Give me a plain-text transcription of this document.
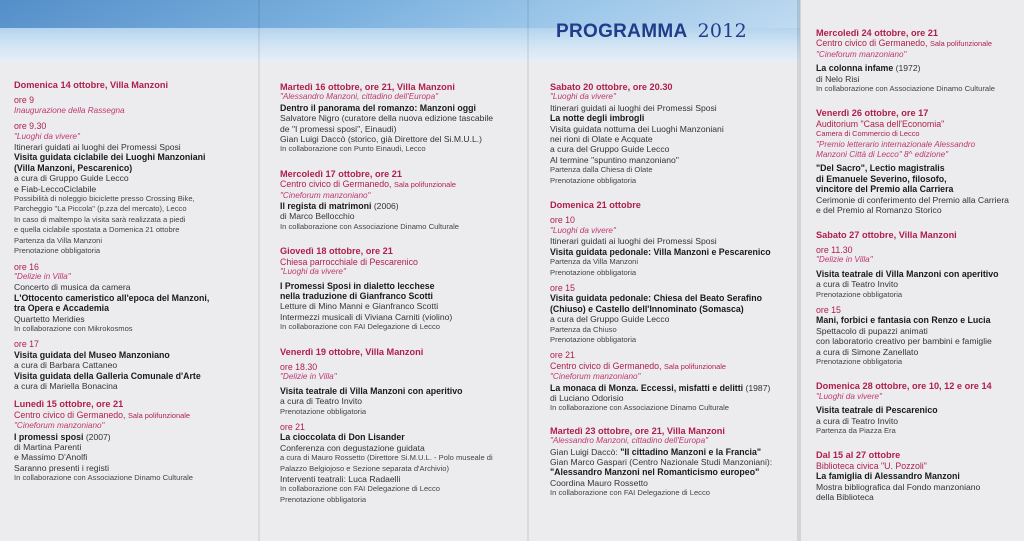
PROGRAMMA 2012
Domenica 14 ottobre, Villa Manzoni
ore 9
Inaugurazione della Rassegna
ore 9.30
"Luoghi da vivere"
Itinerari guidati ai luoghi dei Promessi Sposi
Visita guidata ciclabile dei Luoghi Manzoniani
(Villa Manzoni, Pescarenico)
a cura di Gruppo Guide Lecco
e Fiab-LeccoCiclabile
Possibilità di noleggio biciclette presso Crossing Bike,
Parcheggio "La Piccola" (p.zza del mercato), Lecco
In caso di maltempo la visita sarà realizzata a piedi
e quella ciclabile spostata a Domenica 21 ottobre
Partenza da Villa Manzoni
Prenotazione obbligatoria
ore 16
"Delizie in Villa"
Concerto di musica da camera
L'Ottocento cameristico all'epoca del Manzoni,
tra Opera e Accademia
Quartetto Meridies
In collaborazione con Mikrokosmos
ore 17
Visita guidata del Museo Manzoniano
a cura di Barbara Cattaneo
Visita guidata della Galleria Comunale d'Arte
a cura di Mariella Bonacina
Lunedì 15 ottobre, ore 21
Centro civico di Germanedo, Sala polifunzionale
"Cineforum manzoniano"
I promessi sposi (2007)
di Martina Parenti
e Massimo D'Anolfi
Saranno presenti i registi
In collaborazione con Associazione Dinamo Culturale
Martedì 16 ottobre, ore 21, Villa Manzoni
"Alessandro Manzoni, cittadino dell'Europa"
Dentro il panorama del romanzo: Manzoni oggi
Salvatore Nigro (curatore della nuova edizione tascabile
de "I promessi sposi", Einaudi)
Gian Luigi Daccò (storico, già Direttore del Si.M.U.L.)
In collaborazione con Punto Einaudi, Lecco
Mercoledì 17 ottobre, ore 21
Centro civico di Germanedo, Sala polifunzionale
"Cineforum manzoniano"
Il regista di matrimoni (2006)
di Marco Bellocchio
In collaborazione con Associazione Dinamo Culturale
Giovedì 18 ottobre, ore 21
Chiesa parrocchiale di Pescarenico
"Luoghi da vivere"
I Promessi Sposi in dialetto lecchese
nella traduzione di Gianfranco Scotti
Letture di Mino Manni e Gianfranco Scotti
Intermezzi musicali di Viviana Carniti (violino)
In collaborazione con FAI Delegazione di Lecco
Venerdì 19 ottobre, Villa Manzoni
ore 18.30
"Delizie in Villa"
Visita teatrale di Villa Manzoni con aperitivo
a cura di Teatro Invito
Prenotazione obbligatoria
ore 21
La cioccolata di Don Lisander
Conferenza con degustazione guidata
a cura di Mauro Rossetto (Direttore Si.M.U.L. - Polo museale di
Palazzo Belgiojoso e Sezione separata d'Archivio)
Interventi teatrali: Luca Radaelli
In collaborazione con FAI Delegazione di Lecco
Prenotazione obbligatoria
Sabato 20 ottobre, ore 20.30
"Luoghi da vivere"
Itinerari guidati ai luoghi dei Promessi Sposi
La notte degli imbrogli
Visita guidata notturna dei Luoghi Manzoniani
nei rioni di Olate e Acquate
a cura del Gruppo Guide Lecco
Al termine "spuntino manzoniano"
Partenza dalla Chiesa di Olate
Prenotazione obbligatoria
Domenica 21 ottobre
ore 10
"Luoghi da vivere"
Itinerari guidati ai luoghi dei Promessi Sposi
Visita guidata pedonale: Villa Manzoni e Pescarenico
Partenza da Villa Manzoni
Prenotazione obbligatoria
ore 15
Visita guidata pedonale: Chiesa del Beato Serafino
(Chiuso) e Castello dell'Innominato (Somasca)
a cura del Gruppo Guide Lecco
Partenza da Chiuso
Prenotazione obbligatoria
ore 21
Centro civico di Germanedo, Sala polifunzionale
"Cineforum manzoniano"
La monaca di Monza. Eccessi, misfatti e delitti (1987)
di Luciano Odorisio
In collaborazione con Associazione Dinamo Culturale
Martedì 23 ottobre, ore 21, Villa Manzoni
"Alessandro Manzoni, cittadino dell'Europa"
Gian Luigi Daccò: "Il cittadino Manzoni e la Francia"
Gian Marco Gaspari (Centro Nazionale Studi Manzoniani):
"Alessandro Manzoni nel Romanticismo europeo"
Coordina Mauro Rossetto
In collaborazione con FAI Delegazione di Lecco
Mercoledì 24 ottobre, ore 21
Centro civico di Germanedo, Sala polifunzionale
"Cineforum manzoniano"
La colonna infame (1972)
di Nelo Risi
In collaborazione con Associazione Dinamo Culturale
Venerdì 26 ottobre, ore 17
Auditorium "Casa dell'Economia"
Camera di Commercio di Lecco
"Premio letterario internazionale Alessandro
Manzoni Città di Lecco" 8^ edizione"
"Del Sacro", Lectio magistralis
di Emanuele Severino, filosofo,
vincitore del Premio alla Carriera
Cerimonie di conferimento del Premio alla Carriera
e del Premio al Romanzo Storico
Sabato 27 ottobre, Villa Manzoni
ore 11.30
"Delizie in Villa"
Visita teatrale di Villa Manzoni con aperitivo
a cura di Teatro Invito
Prenotazione obbligatoria
ore 15
Mani, forbici e fantasia con Renzo e Lucia
Spettacolo di pupazzi animati
con laboratorio creativo per bambini e famiglie
a cura di Simone Zanellato
Prenotazione obbligatoria
Domenica 28 ottobre, ore 10, 12 e ore 14
"Luoghi da vivere"
Visita teatrale di Pescarenico
a cura di Teatro Invito
Partenza da Piazza Era
Dal 15 al 27 ottobre
Biblioteca civica "U. Pozzoli"
La famiglia di Alessandro Manzoni
Mostra bibliografica dal Fondo manzoniano
della Biblioteca
